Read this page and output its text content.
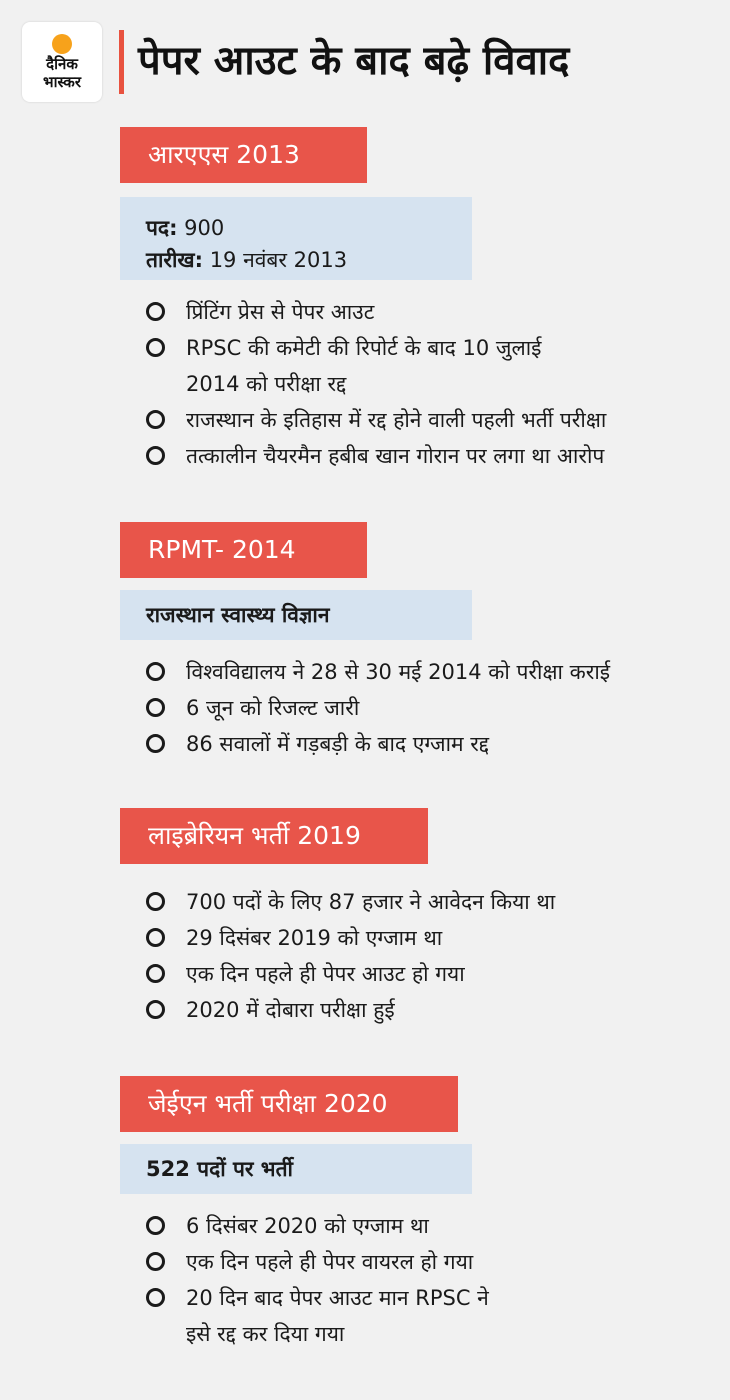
दैनिक
भास्कर	पेपर आउट के बाद बढ़े विवाद
आरएएस 2013
पद: 900
तारीख: 19 नवंबर 2013
प्रिंटिंग प्रेस से पेपर आउट
RPSC की कमेटी की रिपोर्ट के बाद 10 जुलाई
2014 को परीक्षा रद्द
राजस्थान के इतिहास में रद्द होने वाली पहली भर्ती परीक्षा
तत्कालीन चैयरमैन हबीब खान गोरान पर लगा था आरोप
RPMT- 2014
राजस्थान स्वास्थ्य विज्ञान
विश्वविद्यालय ने 28 से 30 मई 2014 को परीक्षा कराई
6 जून को रिजल्ट जारी
86 सवालों में गड़बड़ी के बाद एग्जाम रद्द
लाइब्रेरियन भर्ती 2019
700 पदों के लिए 87 हजार ने आवेदन किया था
29 दिसंबर 2019 को एग्जाम था
एक दिन पहले ही पेपर आउट हो गया
2020 में दोबारा परीक्षा हुई
जेईएन भर्ती परीक्षा 2020
522 पदों पर भर्ती
6 दिसंबर 2020 को एग्जाम था
एक दिन पहले ही पेपर वायरल हो गया
20 दिन बाद पेपर आउट मान RPSC ने
इसे रद्द कर दिया गया
